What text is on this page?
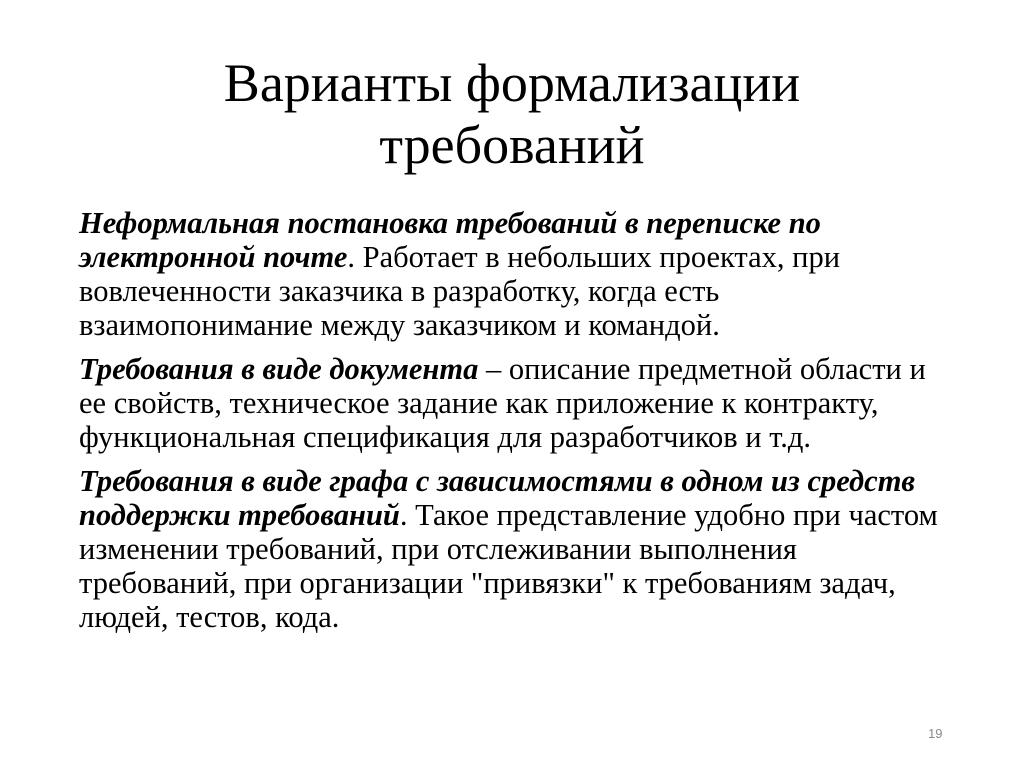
Варианты формализации
требований

Неформальная постановка требований в переписке по электронной почте. Работает в небольших проектах, при вовлеченности заказчика в разработку, когда есть взаимопонимание между заказчиком и командой.

Требования в виде документа – описание предметной области и ее свойств, техническое задание как приложение к контракту, функциональная спецификация для разработчиков и т.д.

Требования в виде графа с зависимостями в одном из средств поддержки требований. Такое представление удобно при частом изменении требований, при отслеживании выполнения требований, при организации "привязки" к требованиям задач, людей, тестов, кода.

19
